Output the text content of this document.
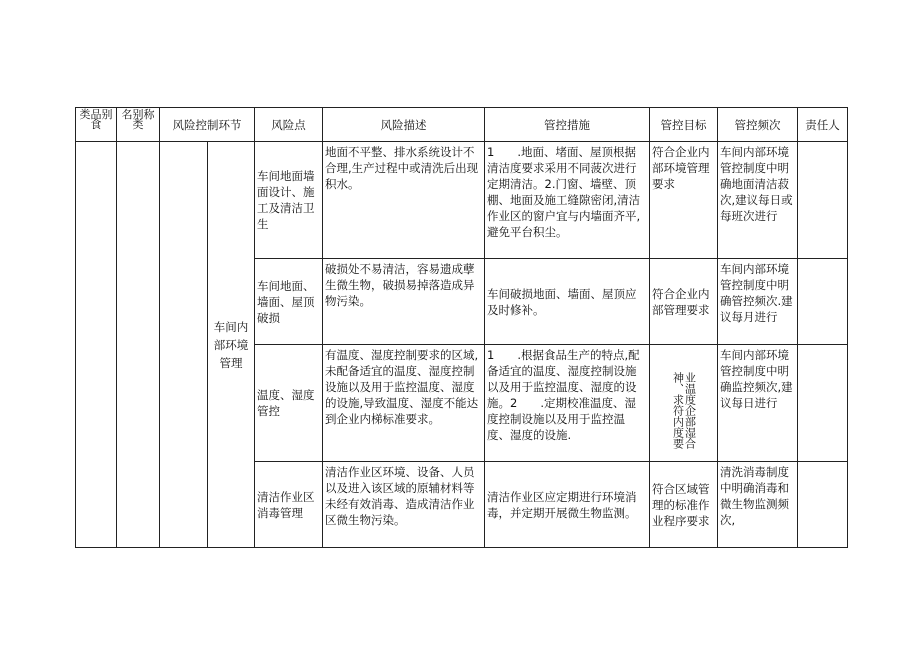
类品别食	名别称类	风险控制环节		风险点	风险描述	管控措施	管控目标	管控频次	责任人
			车间内部环境管理	车间地面墙面设计、施工及清洁卫生	地面不平整、排水系统设计不合理,生产过程中或清洗后出现积水。	1　　.地面、堵面、屋顶根据清洁度要求采用不同菠次进行定期清洁。2.门窗、墙壁、顶棚、地面及施工缝隙密闭,清洁作业区的窗户宜与内墙面齐平,避免平台积尘。	符合企业内部环境管理要求	车间内部环境管控制度中明确地面清洁菽次,建议每日或每班次进行	
				车间地面、墙面、屋顶破损	破损处不易清洁，容易遗成孽生微生物，破损易掉落造成异物污染。	车间破损地面、墙面、屋顶应及时修补。	符合企业内部管理要求	车间内部环境管控制度中明确管控频次.建议每月进行	
				温度、湿度管控	有温度、湿度控制要求的区域,未配备适宜的温度、湿度控制设施以及用于监控温度、湿度的设施,导致温度、湿度不能达到企业内梯标准要求。	1　　.根据食品生产的特点,配备适宜的温度、湿度控制设施以及用于监控温度、湿度的设施。2　　.定期校准温度、湿度控制设施以及用于监控温度、湿度的设施.	业温度企部湿合神、求符内度要	车间内部环境管控制度中明确监控频次,建议每日进行	
				清洁作业区消毒管理	清洁作业区环境、设备、人员以及进入该区域的原辅材料等未经有效消毒、造成清洁作业区微生物污染。	清洁作业区应定期进行环境消毒，并定期开展微生物监测。	符合区域管理的标准作业程序要求	清洗消毒制度中明确消毒和微生物监测频次,	
